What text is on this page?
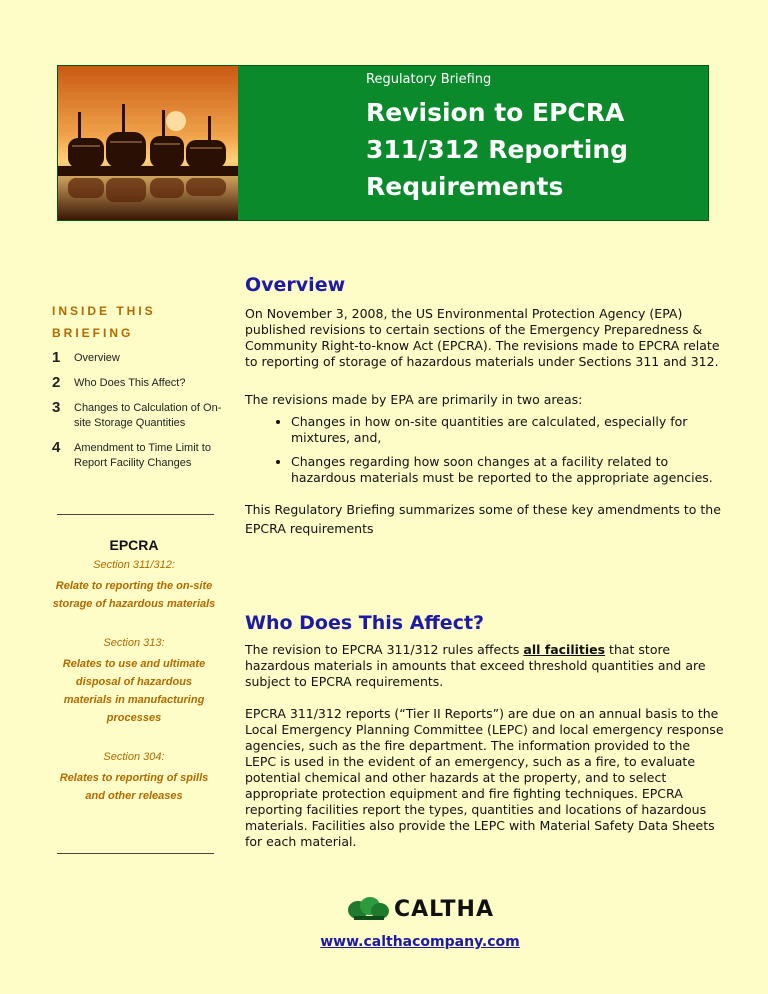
Regulatory Briefing
Revision to EPCRA
311/312 Reporting
Requirements
INSIDE THIS
BRIEFING
1	Overview
2	Who Does This Affect?
3	Changes to Calculation of On-site Storage Quantities
4	Amendment to Time Limit to Report Facility Changes
EPCRA
Section 311/312:
Relate to reporting the on-site storage of hazardous materials
Section 313:
Relates to use and ultimate disposal of hazardous materials in manufacturing processes
Section 304:
Relates to reporting of spills and other releases
Overview

On November 3, 2008, the US Environmental Protection Agency (EPA) published revisions to certain sections of the Emergency Preparedness & Community Right-to-know Act (EPCRA). The revisions made to EPCRA relate to reporting of storage of hazardous materials under Sections 311 and 312.

The revisions made by EPA are primarily in two areas:

• Changes in how on-site quantities are calculated, especially for mixtures, and,
• Changes regarding how soon changes at a facility related to hazardous materials must be reported to the appropriate agencies.

This Regulatory Briefing summarizes some of these key amendments to the EPCRA requirements

Who Does This Affect?

The revision to EPCRA 311/312 rules affects all facilities that store hazardous materials in amounts that exceed threshold quantities and are subject to EPCRA requirements.

EPCRA 311/312 reports (“Tier II Reports”) are due on an annual basis to the Local Emergency Planning Committee (LEPC) and local emergency response agencies, such as the fire department. The information provided to the LEPC is used in the evident of an emergency, such as a fire, to evaluate potential chemical and other hazards at the property, and to select appropriate protection equipment and fire fighting techniques. EPCRA reporting facilities report the types, quantities and locations of hazardous materials. Facilities also provide the LEPC with Material Safety Data Sheets for each material.

CALTHA
www.calthacompany.com
